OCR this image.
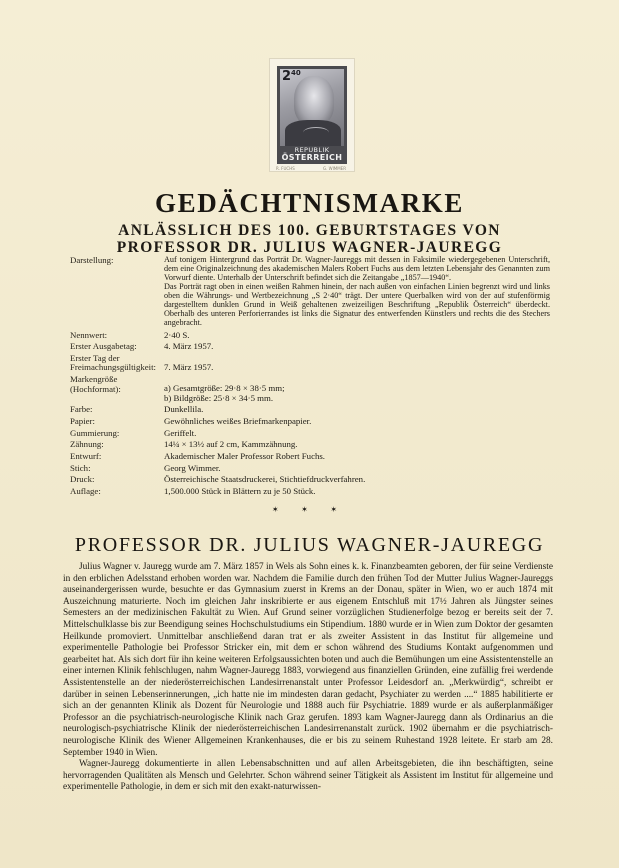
$2^{40}$
REPUBLIK
ÖSTERREICH
R. FUCHS	G. WIMMER
GEDÄCHTNISMARKE
ANLÄSSLICH DES 100. GEBURTSTAGES VON
PROFESSOR DR. JULIUS WAGNER-JAUREGG
Darstellung:	Auf tonigem Hintergrund das Porträt Dr. Wagner-Jaureggs mit dessen in Faksimile wiedergegebenen Unterschrift, dem eine Originalzeichnung des akademischen Malers Robert Fuchs aus dem letzten Lebensjahr des Genannten zum Vorwurf diente. Unterhalb der Unterschrift befindet sich die Zeitangabe „1857—1940“.

Das Porträt ragt oben in einen weißen Rahmen hinein, der nach außen von einfachen Linien begrenzt wird und links oben die Währungs- und Wertbezeichnung „S 2·40“ trägt. Der untere Querbalken wird von der auf stufenförmig dargestelltem dunklen Grund in Weiß gehaltenen zweizeiligen Beschriftung „Republik Österreich“ überdeckt. Oberhalb des unteren Perforierrandes ist links die Signatur des entwerfenden Künstlers und rechts die des Stechers angebracht.

Nennwert:	2·40 S.
Erster Ausgabetag:	4. März 1957.
Erster Tag der Freimachungsgültigkeit: 7. März 1957.
Markengröße (Hochformat):	a) Gesamtgröße: 29·8 × 38·5 mm;
b) Bildgröße: 25·8 × 34·5 mm.
Farbe:	Dunkellila.
Papier:	Gewöhnliches weißes Briefmarkenpapier.
Gummierung:	Geriffelt.
Zähnung:	14¼ × 13½ auf 2 cm, Kammzähnung.
Entwurf:	Akademischer Maler Professor Robert Fuchs.
Stich:	Georg Wimmer.
Druck:	Österreichische Staatsdruckerei, Stichtiefdruckverfahren.
Auflage:	1,500.000 Stück in Blättern zu je 50 Stück.
✶ ✶ ✶
PROFESSOR DR. JULIUS WAGNER-JAUREGG

Julius Wagner v. Jauregg wurde am 7. März 1857 in Wels als Sohn eines k. k. Finanzbeamten geboren, der für seine Verdienste in den erblichen Adelsstand erhoben worden war. Nachdem die Familie durch den frühen Tod der Mutter Julius Wagner-Jaureggs auseinandergerissen wurde, besuchte er das Gymnasium zuerst in Krems an der Donau, später in Wien, wo er auch 1874 mit Auszeichnung maturierte. Noch im gleichen Jahr inskribierte er aus eigenem Entschluß mit 17½ Jahren als Jüngster seines Semesters an der medizinischen Fakultät zu Wien. Auf Grund seiner vorzüglichen Studienerfolge bezog er bereits seit der 7. Mittelschulklasse bis zur Beendigung seines Hochschulstudiums ein Stipendium. 1880 wurde er in Wien zum Doktor der gesamten Heilkunde promoviert. Unmittelbar anschließend daran trat er als zweiter Assistent in das Institut für allgemeine und experimentelle Pathologie bei Professor Stricker ein, mit dem er schon während des Studiums Kontakt aufgenommen und gearbeitet hat. Als sich dort für ihn keine weiteren Erfolgsaussichten boten und auch die Bemühungen um eine Assistentenstelle an einer internen Klinik fehlschlugen, nahm Wagner-Jauregg 1883, vorwiegend aus finanziellen Gründen, eine zufällig frei werdende Assistentenstelle an der niederösterreichischen Landesirrenanstalt unter Professor Leidesdorf an. „Merkwürdig“, schreibt er darüber in seinen Lebenserinnerungen, „ich hatte nie im mindesten daran gedacht, Psychiater zu werden ....“ 1885 habilitierte er sich an der genannten Klinik als Dozent für Neurologie und 1888 auch für Psychiatrie. 1889 wurde er als außerplanmäßiger Professor an die psychiatrisch-neurologische Klinik nach Graz gerufen. 1893 kam Wagner-Jauregg dann als Ordinarius an die neurologisch-psychiatrische Klinik der niederösterreichischen Landesirrenanstalt zurück. 1902 übernahm er die psychiatrisch-neurologische Klinik des Wiener Allgemeinen Krankenhauses, die er bis zu seinem Ruhestand 1928 leitete. Er starb am 28. September 1940 in Wien.

Wagner-Jauregg dokumentierte in allen Lebensabschnitten und auf allen Arbeitsgebieten, die ihn beschäftigten, seine hervorragenden Qualitäten als Mensch und Gelehrter. Schon während seiner Tätigkeit als Assistent im Institut für allgemeine und experimentelle Pathologie, in dem er sich mit den exakt-naturwissen-
